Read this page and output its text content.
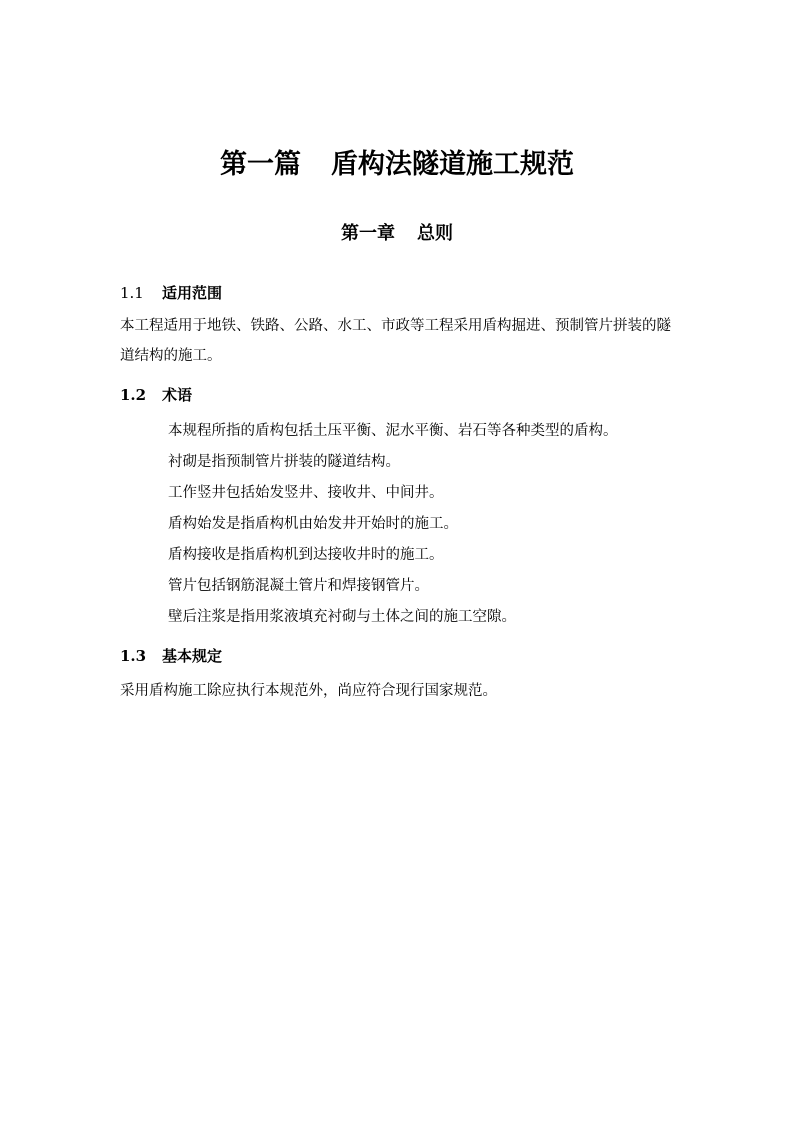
第一篇 盾构法隧道施工规范
第一章 总则
1.1 适用范围
本工程适用于地铁、铁路、公路、水工、市政等工程采用盾构掘进、预制管片拼装的隧道结构的施工。
1.2 术语
本规程所指的盾构包括土压平衡、泥水平衡、岩石等各种类型的盾构。
衬砌是指预制管片拼装的隧道结构。
工作竖井包括始发竖井、接收井、中间井。
盾构始发是指盾构机由始发井开始时的施工。
盾构接收是指盾构机到达接收井时的施工。
管片包括钢筋混凝土管片和焊接钢管片。
壁后注浆是指用浆液填充衬砌与土体之间的施工空隙。
1.3 基本规定
采用盾构施工除应执行本规范外，尚应符合现行国家规范。
